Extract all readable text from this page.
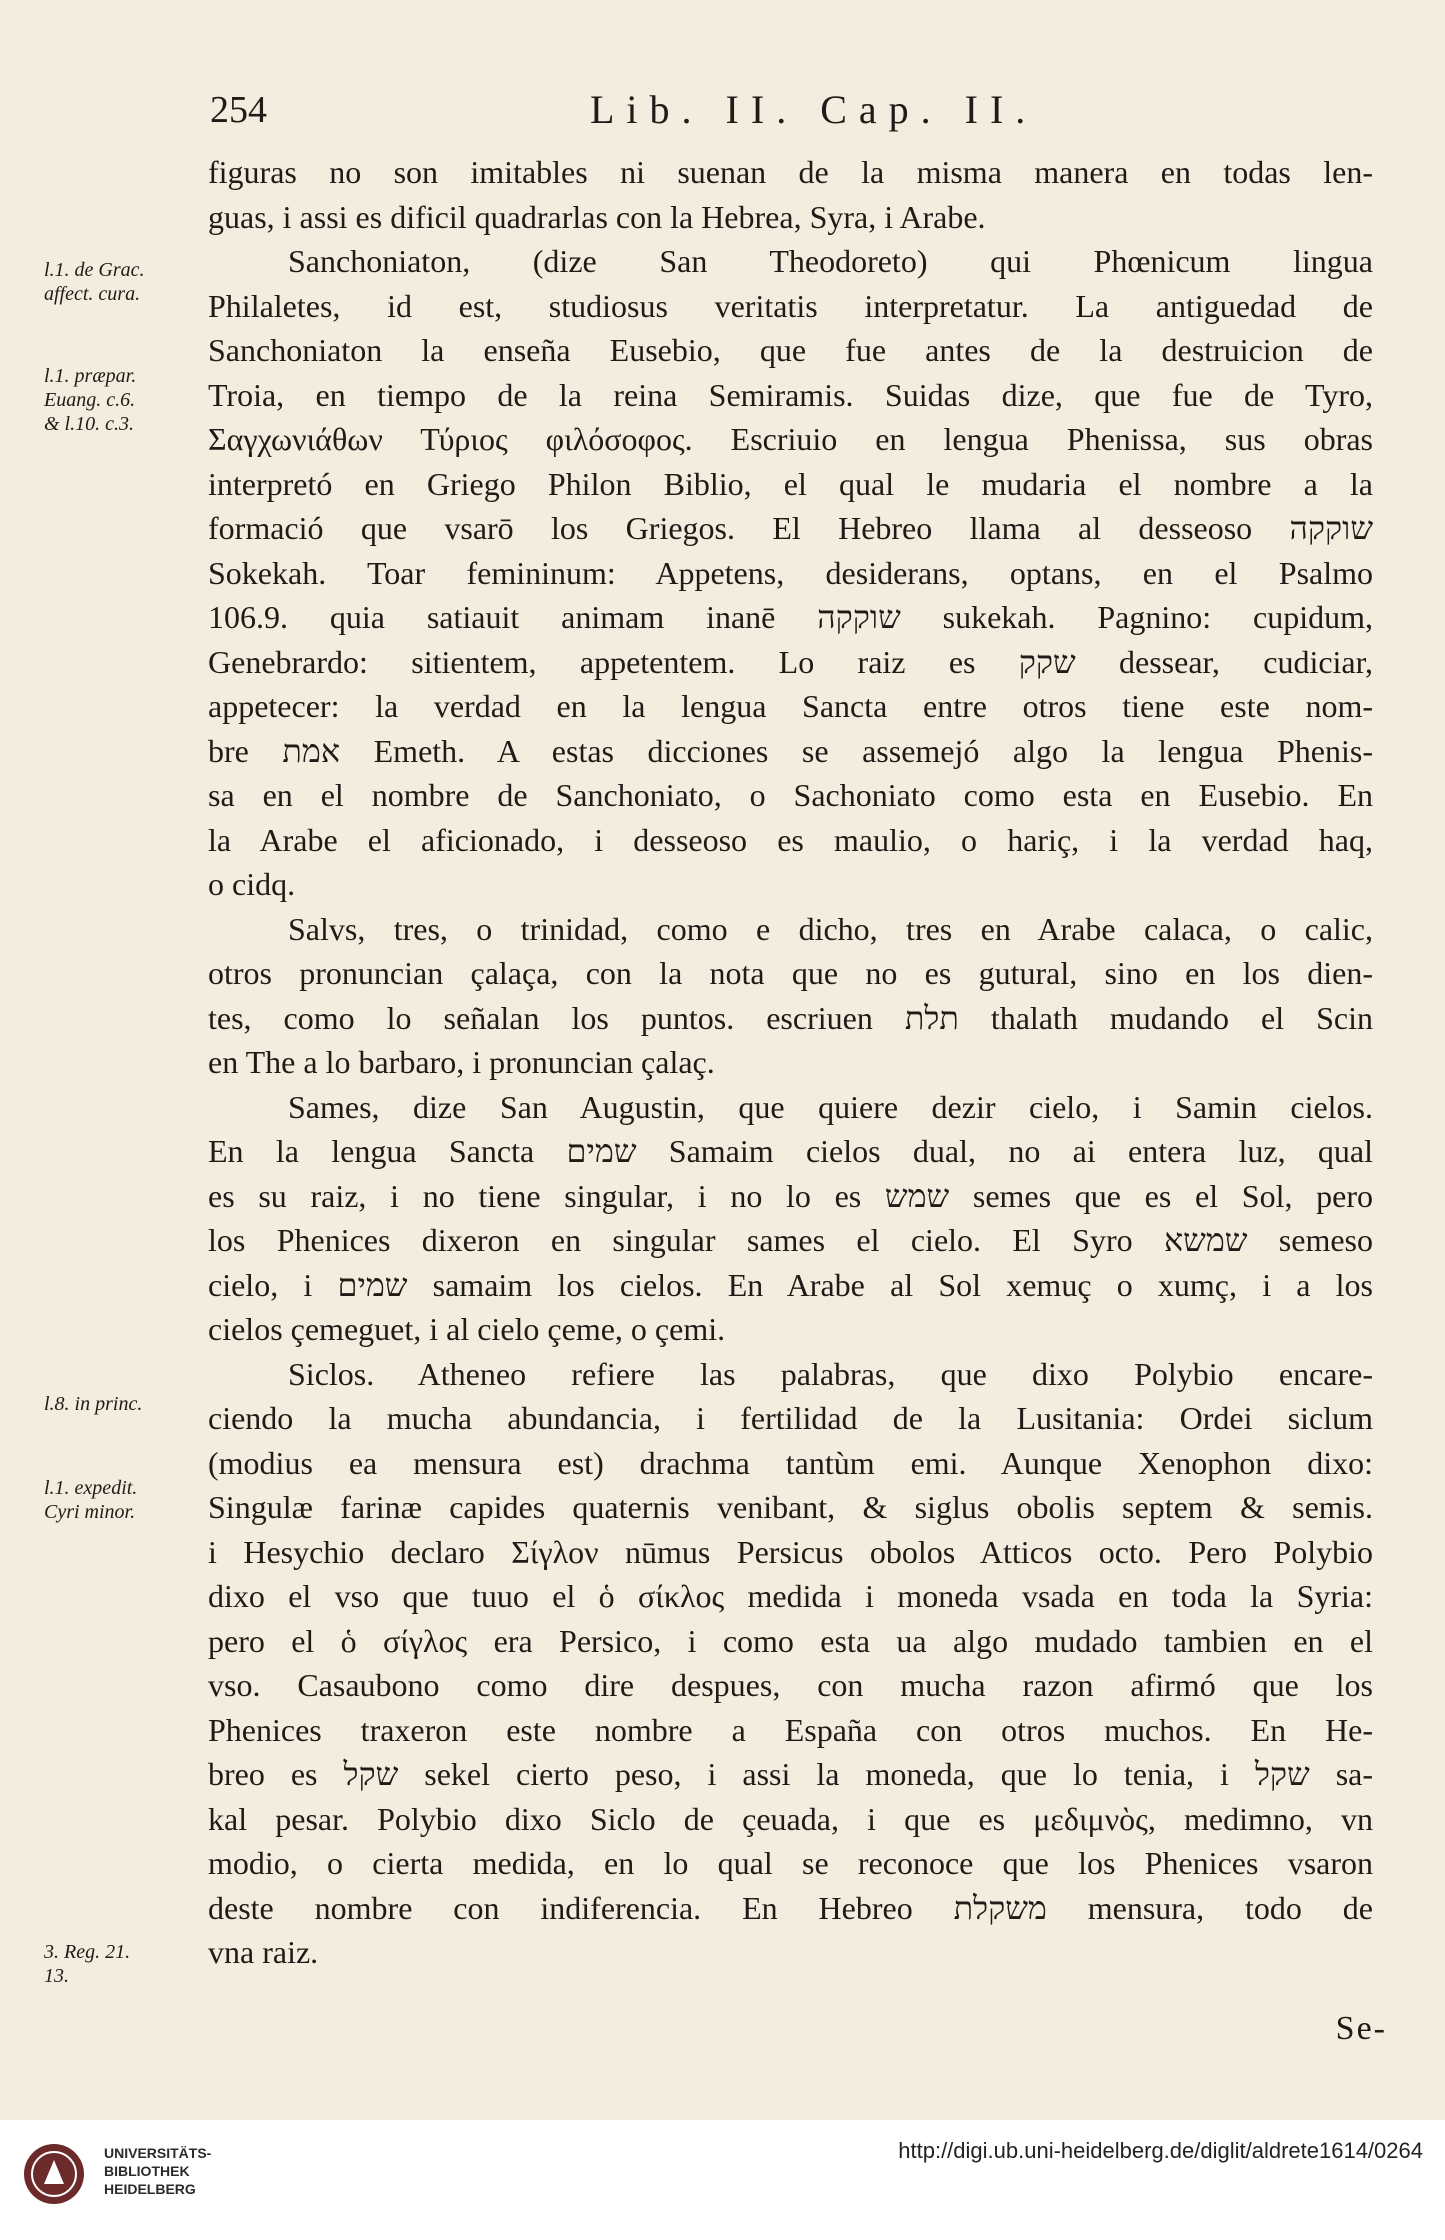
254	Lib. II. Cap. II.
figuras no son imitables ni suenan de la misma manera en todas len-
guas, i assi es dificil quadrarlas con la Hebrea, Syra, i Arabe.
Sanchoniaton, (dize San Theodoreto) qui Phœnicum lingua
Philaletes, id est, studiosus veritatis interpretatur. La antiguedad de
Sanchoniaton la enseña Eusebio, que fue antes de la destruicion de
Troia, en tiempo de la reina Semiramis. Suidas dize, que fue de Tyro,
Σαγχωνιάθων Τύριος φιλόσοφος. Escriuio en lengua Phenissa, sus obras
interpretó en Griego Philon Biblio, el qual le mudaria el nombre a la
formació que vsarō los Griegos. El Hebreo llama al desseoso שוקקה
Sokekah. Toar femininum: Appetens, desiderans, optans, en el Psalmo
106.9. quia satiauit animam inanē שוקקה sukekah. Pagnino: cupidum,
Genebrardo: sitientem, appetentem. Lo raiz es שקק dessear, cudiciar,
appetecer: la verdad en la lengua Sancta entre otros tiene este nom-
bre אמת Emeth. A estas dicciones se assemejó algo la lengua Phenis-
sa en el nombre de Sanchoniato, o Sachoniato como esta en Eusebio. En
la Arabe el aficionado, i desseoso es maulio, o hariç, i la verdad haq,
o cidq.
Salvs, tres, o trinidad, como e dicho, tres en Arabe calaca, o calic,
otros pronuncian çalaça, con la nota que no es gutural, sino en los dien-
tes, como lo señalan los puntos. escriuen תלת thalath mudando el Scin
en The a lo barbaro, i pronuncian çalaç.
Sames, dize San Augustin, que quiere dezir cielo, i Samin cielos.
En la lengua Sancta שמים Samaim cielos dual, no ai entera luz, qual
es su raiz, i no tiene singular, i no lo es שמש semes que es el Sol, pero
los Phenices dixeron en singular sames el cielo. El Syro שמשא semeso
cielo, i שמים samaim los cielos. En Arabe al Sol xemuç o xumç, i a los
cielos çemeguet, i al cielo çeme, o çemi.
Siclos. Atheneo refiere las palabras, que dixo Polybio encare-
ciendo la mucha abundancia, i fertilidad de la Lusitania: Ordei siclum
(modius ea mensura est) drachma tantùm emi. Aunque Xenophon dixo:
Singulæ farinæ capides quaternis venibant, & siglus obolis septem & semis.
i Hesychio declaro Σίγλον nūmus Persicus obolos Atticos octo. Pero Polybio
dixo el vso que tuuo el ὁ σίκλος medida i moneda vsada en toda la Syria:
pero el ὁ σίγλος era Persico, i como esta ua algo mudado tambien en el
vso. Casaubono como dire despues, con mucha razon afirmó que los
Phenices traxeron este nombre a España con otros muchos. En He-
breo es שקל sekel cierto peso, i assi la moneda, que lo tenia, i שקל sa-
kal pesar. Polybio dixo Siclo de çeuada, i que es μεδιμνὸς, medimno, vn
modio, o cierta medida, en lo qual se reconoce que los Phenices vsaron
deste nombre con indiferencia. En Hebreo משקלת mensura, todo de
vna raiz.
l.1. de Grac.
affect. cura.
l.1. præpar.
Euang. c.6.
& l.10. c.3.
l.8. in princ.
l.1. expedit.
Cyri minor.
3. Reg. 21.
13.
Se-
UNIVERSITÄTS-
BIBLIOTHEK
HEIDELBERG
http://digi.ub.uni-heidelberg.de/diglit/aldrete1614/0264
